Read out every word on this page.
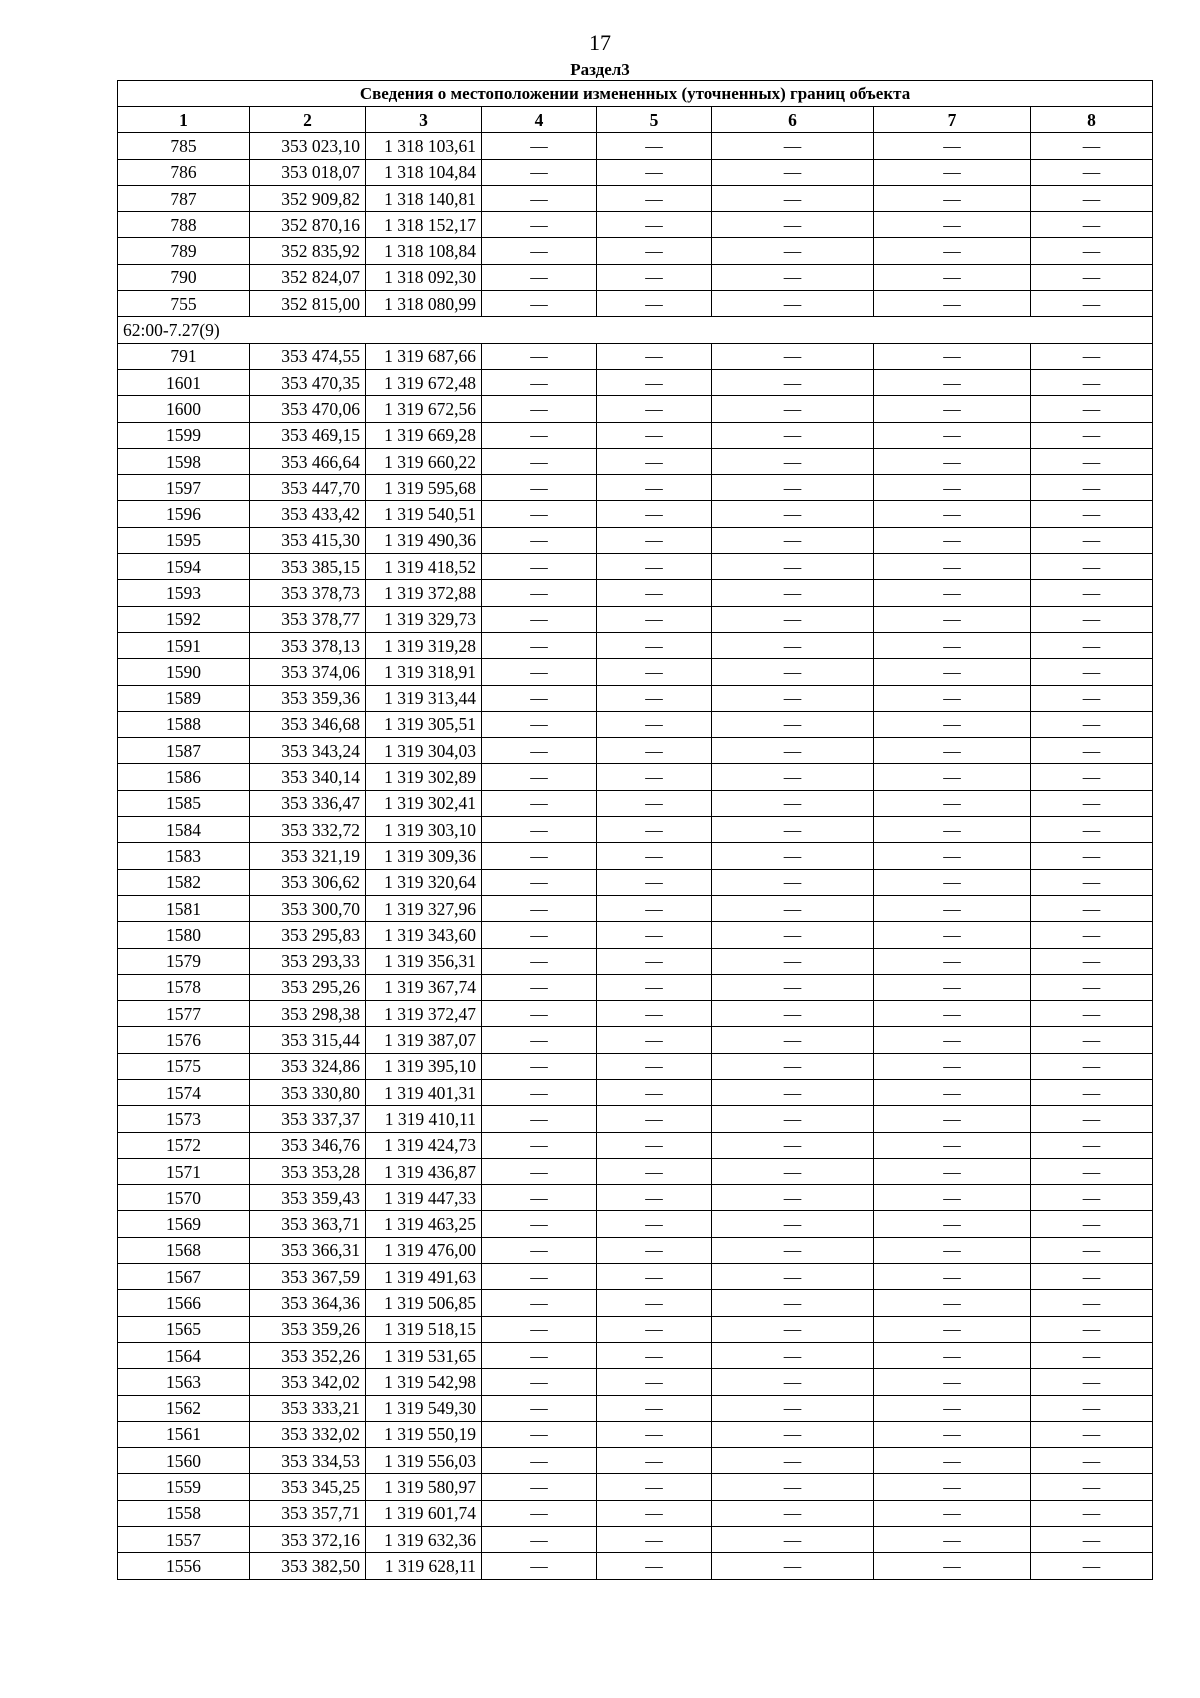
17
Раздел3
Сведения о местоположении измененных (уточненных) границ объекта							
1	2	3	4	5	6	7	8
785	353 023,10	1 318 103,61	—	—	—	—	—
786	353 018,07	1 318 104,84	—	—	—	—	—
787	352 909,82	1 318 140,81	—	—	—	—	—
788	352 870,16	1 318 152,17	—	—	—	—	—
789	352 835,92	1 318 108,84	—	—	—	—	—
790	352 824,07	1 318 092,30	—	—	—	—	—
755	352 815,00	1 318 080,99	—	—	—	—	—
62:00-7.27(9)							
791	353 474,55	1 319 687,66	—	—	—	—	—
1601	353 470,35	1 319 672,48	—	—	—	—	—
1600	353 470,06	1 319 672,56	—	—	—	—	—
1599	353 469,15	1 319 669,28	—	—	—	—	—
1598	353 466,64	1 319 660,22	—	—	—	—	—
1597	353 447,70	1 319 595,68	—	—	—	—	—
1596	353 433,42	1 319 540,51	—	—	—	—	—
1595	353 415,30	1 319 490,36	—	—	—	—	—
1594	353 385,15	1 319 418,52	—	—	—	—	—
1593	353 378,73	1 319 372,88	—	—	—	—	—
1592	353 378,77	1 319 329,73	—	—	—	—	—
1591	353 378,13	1 319 319,28	—	—	—	—	—
1590	353 374,06	1 319 318,91	—	—	—	—	—
1589	353 359,36	1 319 313,44	—	—	—	—	—
1588	353 346,68	1 319 305,51	—	—	—	—	—
1587	353 343,24	1 319 304,03	—	—	—	—	—
1586	353 340,14	1 319 302,89	—	—	—	—	—
1585	353 336,47	1 319 302,41	—	—	—	—	—
1584	353 332,72	1 319 303,10	—	—	—	—	—
1583	353 321,19	1 319 309,36	—	—	—	—	—
1582	353 306,62	1 319 320,64	—	—	—	—	—
1581	353 300,70	1 319 327,96	—	—	—	—	—
1580	353 295,83	1 319 343,60	—	—	—	—	—
1579	353 293,33	1 319 356,31	—	—	—	—	—
1578	353 295,26	1 319 367,74	—	—	—	—	—
1577	353 298,38	1 319 372,47	—	—	—	—	—
1576	353 315,44	1 319 387,07	—	—	—	—	—
1575	353 324,86	1 319 395,10	—	—	—	—	—
1574	353 330,80	1 319 401,31	—	—	—	—	—
1573	353 337,37	1 319 410,11	—	—	—	—	—
1572	353 346,76	1 319 424,73	—	—	—	—	—
1571	353 353,28	1 319 436,87	—	—	—	—	—
1570	353 359,43	1 319 447,33	—	—	—	—	—
1569	353 363,71	1 319 463,25	—	—	—	—	—
1568	353 366,31	1 319 476,00	—	—	—	—	—
1567	353 367,59	1 319 491,63	—	—	—	—	—
1566	353 364,36	1 319 506,85	—	—	—	—	—
1565	353 359,26	1 319 518,15	—	—	—	—	—
1564	353 352,26	1 319 531,65	—	—	—	—	—
1563	353 342,02	1 319 542,98	—	—	—	—	—
1562	353 333,21	1 319 549,30	—	—	—	—	—
1561	353 332,02	1 319 550,19	—	—	—	—	—
1560	353 334,53	1 319 556,03	—	—	—	—	—
1559	353 345,25	1 319 580,97	—	—	—	—	—
1558	353 357,71	1 319 601,74	—	—	—	—	—
1557	353 372,16	1 319 632,36	—	—	—	—	—
1556	353 382,50	1 319 628,11	—	—	—	—	—
